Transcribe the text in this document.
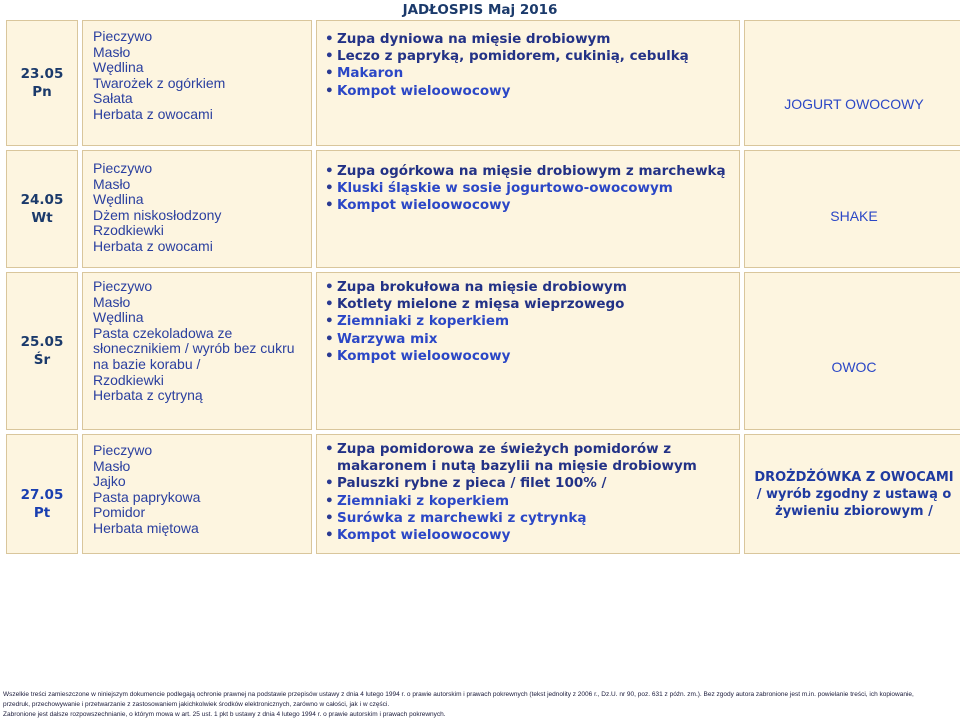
JADŁOSPIS Maj 2016
23.05
Pn
Pieczywo
Masło
Wędlina
Twarożek z ogórkiem
Sałata
Herbata z owocami
•
Zupa dyniowa na mięsie drobiowym
•
Leczo z papryką, pomidorem, cukinią, cebulką
•
Makaron
•
Kompot wieloowocowy
JOGURT OWOCOWY
24.05
Wt
Pieczywo
Masło
Wędlina
Dżem niskosłodzony
Rzodkiewki
Herbata z owocami
•
Zupa ogórkowa na mięsie drobiowym z marchewką
•
Kluski śląskie w sosie jogurtowo-owocowym
•
Kompot wieloowocowy
SHAKE
25.05
Śr
Pieczywo
Masło
Wędlina
Pasta czekoladowa ze
słonecznikiem / wyrób bez cukru
na bazie korabu /
Rzodkiewki
Herbata z cytryną
•
Zupa brokułowa na mięsie drobiowym
•
Kotlety mielone z mięsa wieprzowego
•
Ziemniaki z koperkiem
•
Warzywa mix
•
Kompot wieloowocowy
OWOC
27.05
Pt
Pieczywo
Masło
Jajko
Pasta paprykowa
Pomidor
Herbata miętowa
•
Zupa pomidorowa ze świeżych pomidorów z makaronem i nutą bazylii na mięsie drobiowym
•
Paluszki rybne z pieca / filet 100% /
•
Ziemniaki z koperkiem
•
Surówka z marchewki z cytrynką
•
Kompot wieloowocowy
DROŻDŻÓWKA Z OWOCAMI
/ wyrób zgodny z ustawą o
żywieniu zbiorowym /
Wszelkie treści zamieszczone w niniejszym dokumencie podlegają ochronie prawnej na podstawie przepisów ustawy z dnia 4 lutego 1994 r. o prawie autorskim i prawach pokrewnych (tekst jednolity z 2006 r., Dz.U. nr 90, poz. 631 z późn. zm.). Bez zgody autora zabronione jest m.in. powielanie treści, ich kopiowanie,
przedruk, przechowywanie i przetwarzanie z zastosowaniem jakichkolwiek środków elektronicznych, zarówno w całości, jak i w części.
Zabronione jest dalsze rozpowszechnianie, o którym mowa w art. 25 ust. 1 pkt b ustawy z dnia 4 lutego 1994 r. o prawie autorskim i prawach pokrewnych.
